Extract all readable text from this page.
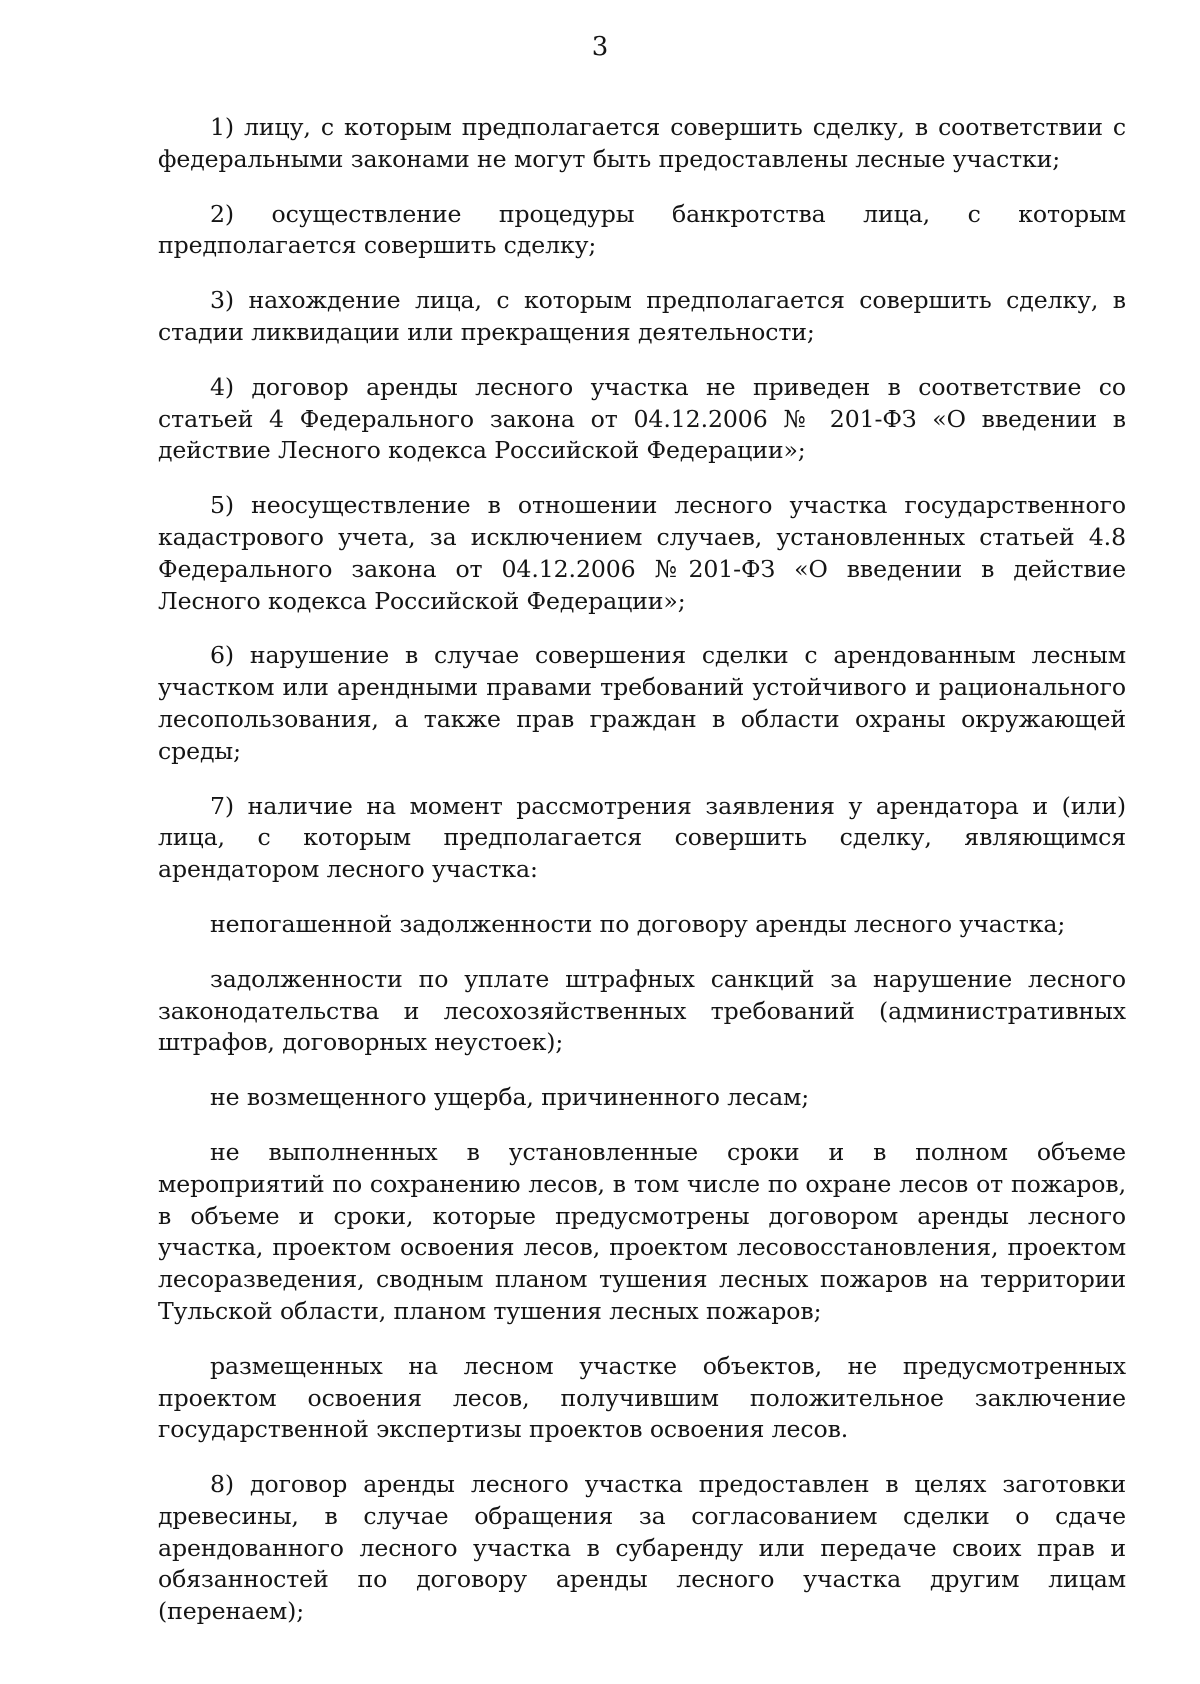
3

1) лицу, с которым предполагается совершить сделку, в соответствии с федеральными законами не могут быть предоставлены лесные участки;

2) осуществление процедуры банкротства лица, с которым предполагается совершить сделку;

3) нахождение лица, с которым предполагается совершить сделку, в стадии ликвидации или прекращения деятельности;

4) договор аренды лесного участка не приведен в соответствие со статьей 4 Федерального закона от 04.12.2006 № 201-ФЗ «О введении в действие Лесного кодекса Российской Федерации»;

5) неосуществление в отношении лесного участка государственного кадастрового учета, за исключением случаев, установленных статьей 4.8 Федерального закона от 04.12.2006 №201-ФЗ «О введении в действие Лесного кодекса Российской Федерации»;

6) нарушение в случае совершения сделки с арендованным лесным участком или арендными правами требований устойчивого и рационального лесопользования, а также прав граждан в области охраны окружающей среды;

7) наличие на момент рассмотрения заявления у арендатора и (или) лица, с которым предполагается совершить сделку, являющимся арендатором лесного участка:

непогашенной задолженности по договору аренды лесного участка;

задолженности по уплате штрафных санкций за нарушение лесного законодательства и лесохозяйственных требований (административных штрафов, договорных неустоек);

не возмещенного ущерба, причиненного лесам;

не выполненных в установленные сроки и в полном объеме мероприятий по сохранению лесов, в том числе по охране лесов от пожаров, в объеме и сроки, которые предусмотрены договором аренды лесного участка, проектом освоения лесов, проектом лесовосстановления, проектом лесоразведения, сводным планом тушения лесных пожаров на территории Тульской области, планом тушения лесных пожаров;

размещенных на лесном участке объектов, не предусмотренных проектом освоения лесов, получившим положительное заключение государственной экспертизы проектов освоения лесов.

8) договор аренды лесного участка предоставлен в целях заготовки древесины, в случае обращения за согласованием сделки о сдаче арендованного лесного участка в субаренду или передаче своих прав и обязанностей по договору аренды лесного участка другим лицам (перенаем);
